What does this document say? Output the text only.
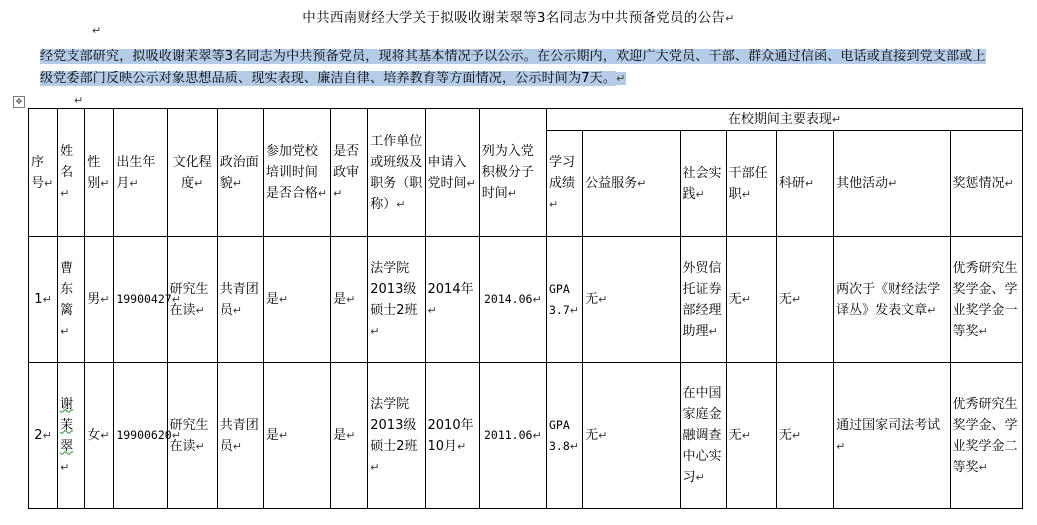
中共西南财经大学关于拟吸收谢茉翠等3名同志为中共预备党员的公告↵
↵
经党支部研究，拟吸收谢茉翠等3名同志为中共预备党员，现将其基本情况予以公示。在公示期内，欢迎广大党员、干部、群众通过信函、电话或直接到党支部或上级党委部门反映公示对象思想品质、现实表现、廉洁自律、培养教育等方面情况，公示时间为7天。↵
✥	↵
序号↵	姓名↵	性别↵	出生年月↵	文化程度↵	政治面貌↵	参加党校培训时间是否合格↵	是否政审↵	工作单位或班级及职务（职称）↵	申请入党时间↵	列为入党积极分子时间↵	在校期间主要表现↵						
											学习成绩↵	公益服务↵	社会实践↵	干部任职↵	科研↵	其他活动↵	奖惩情况↵
1↵	曹东篱↵	男↵	19900427↵	研究生在读↵	共青团员↵	是↵	是↵	法学院2013级硕士2班↵	2014年↵	2014.06↵	GPA 3.7↵	无↵	外贸信托证券部经理助理↵	无↵	无↵	两次于《财经法学译丛》发表文章↵	优秀研究生奖学金、学业奖学金一等奖↵
2↵	谢茉翠↵	女↵	19900620↵	研究生在读↵	共青团员↵	是↵	是↵	法学院2013级硕士2班↵	2010年10月↵	2011.06↵	GPA 3.8↵	无↵	在中国家庭金融调查中心实习↵	无↵	无↵	通过国家司法考试↵	优秀研究生奖学金、学业奖学金二等奖↵
